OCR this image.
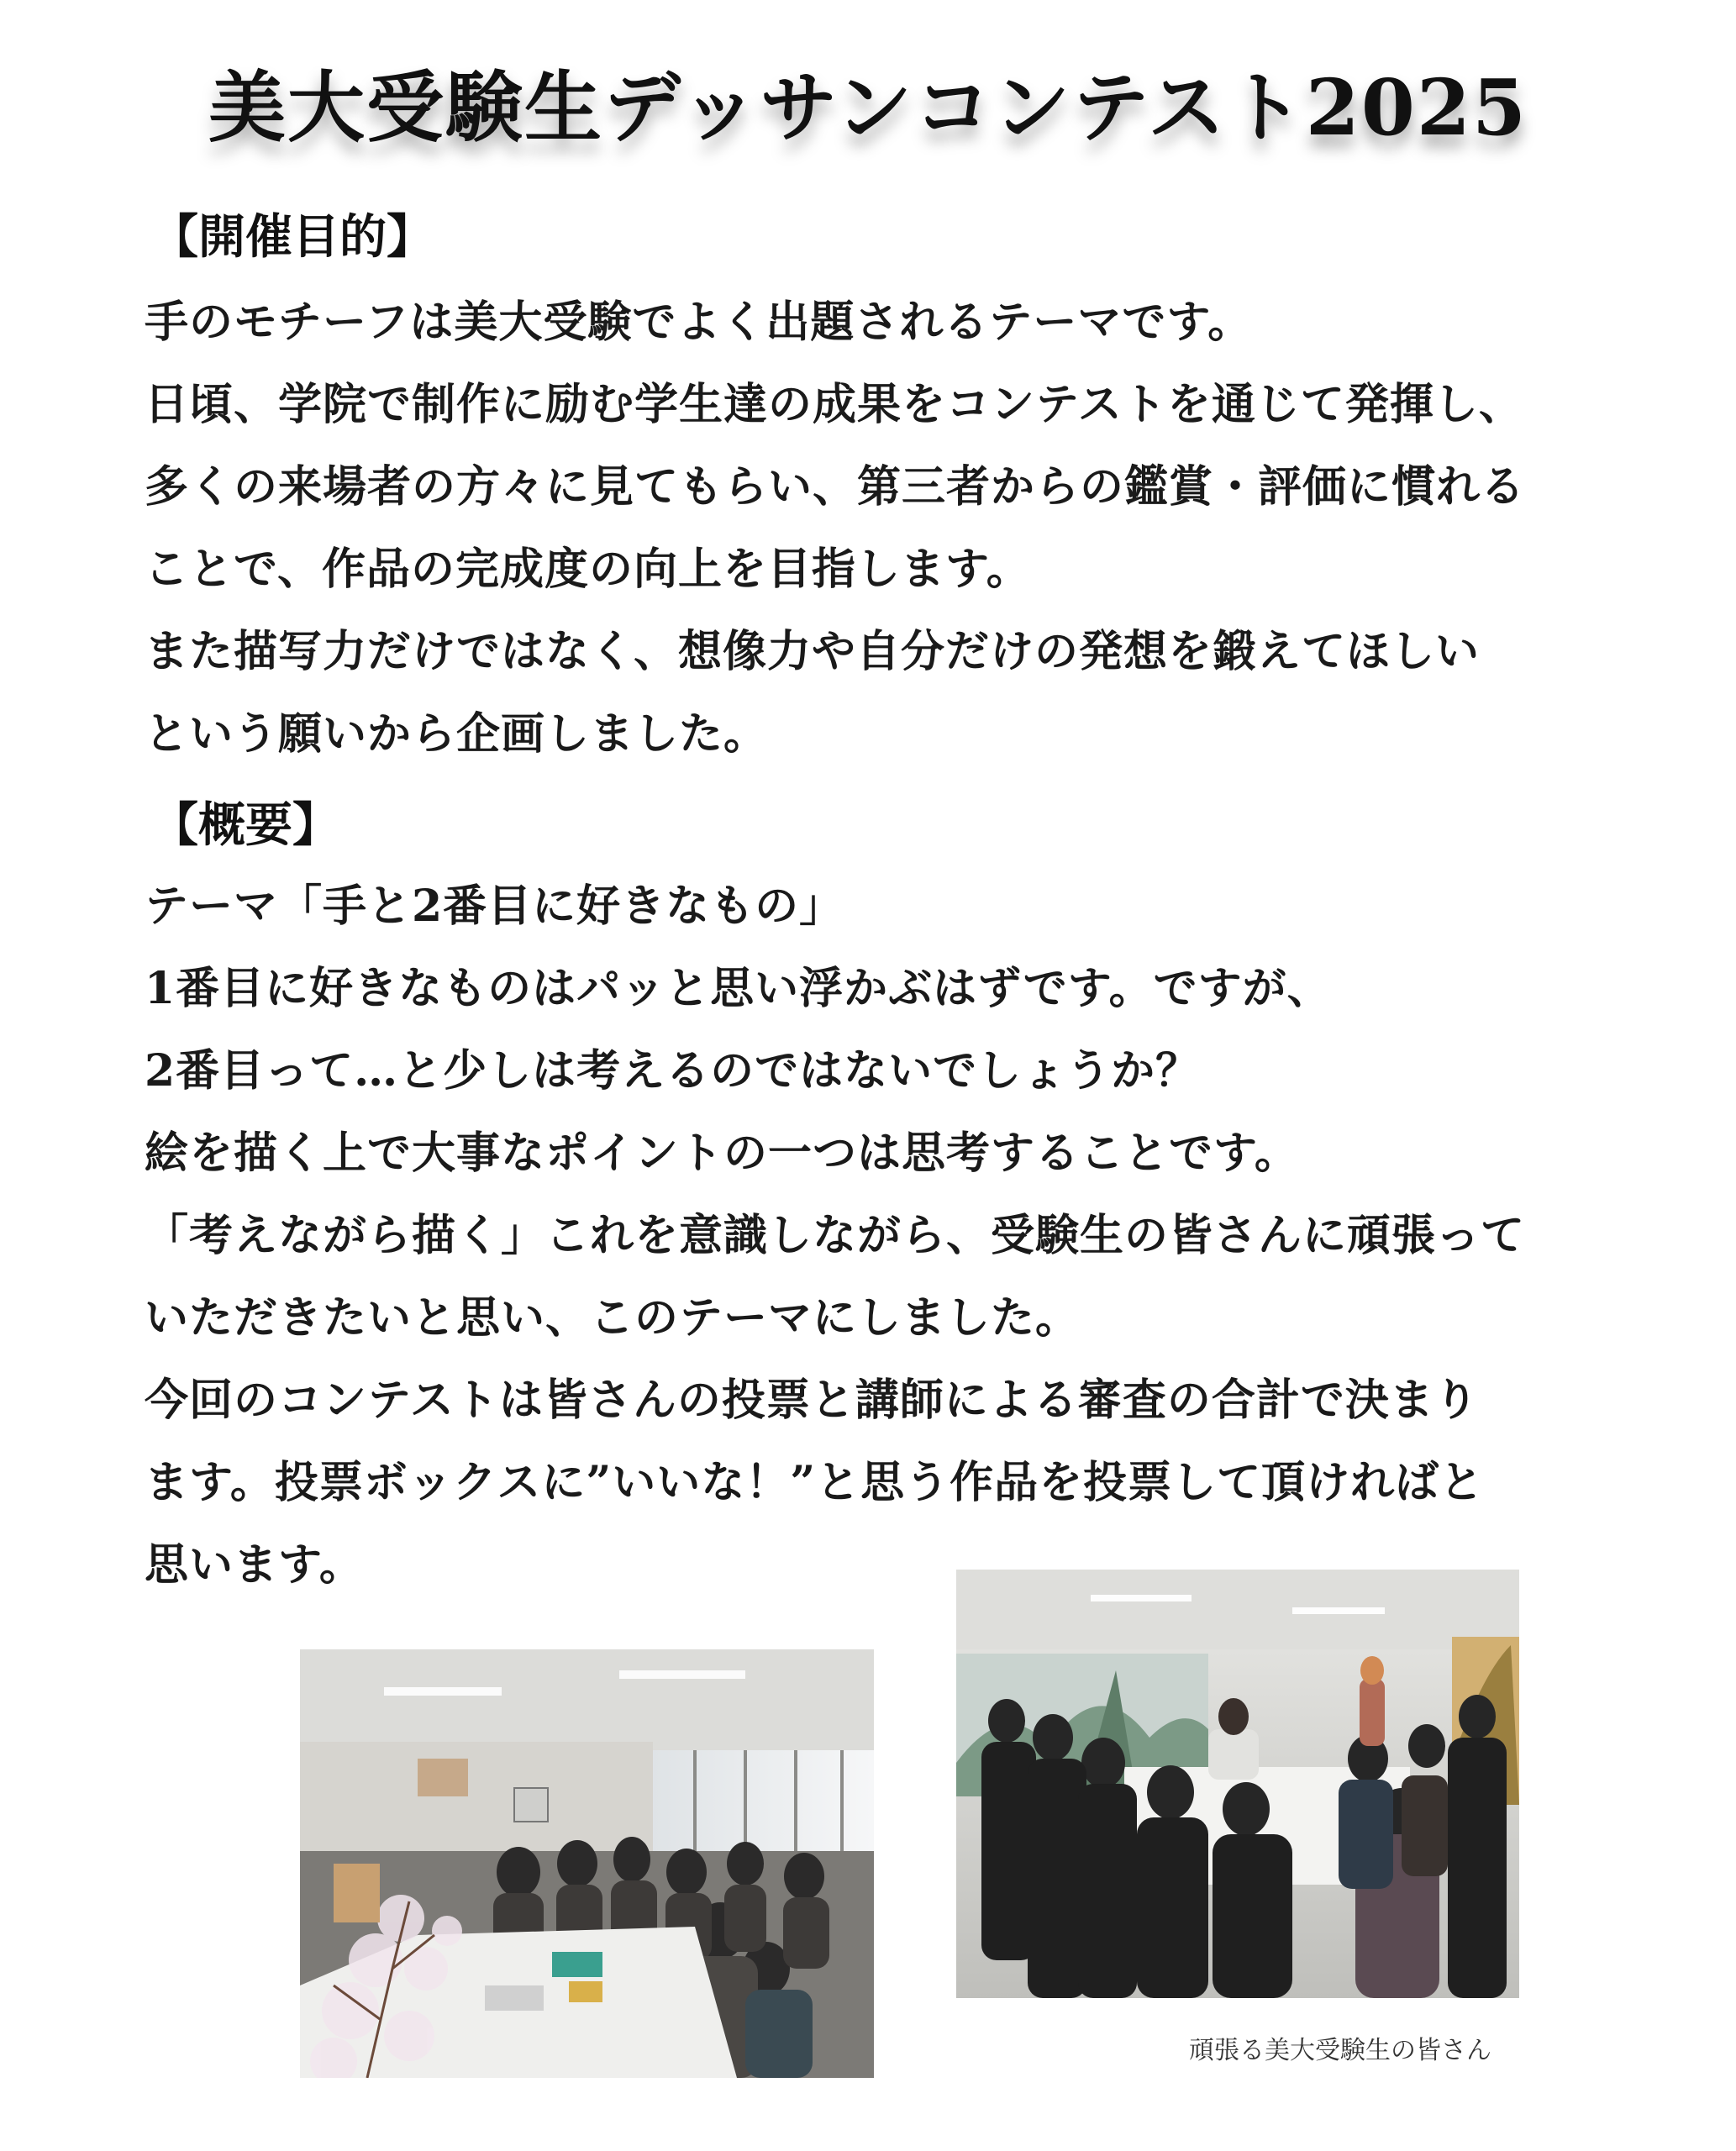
美大受験生デッサンコンテスト2025
【開催目的】
手のモチーフは美大受験でよく出題されるテーマです。
日頃、学院で制作に励む学生達の成果をコンテストを通じて発揮し、
多くの来場者の方々に見てもらい、第三者からの鑑賞・評価に慣れる
ことで、作品の完成度の向上を目指します。
また描写力だけではなく、想像力や自分だけの発想を鍛えてほしい
という願いから企画しました。
【概要】
テーマ「手と2番目に好きなもの」
1番目に好きなものはパッと思い浮かぶはずです。ですが、
2番目って…と少しは考えるのではないでしょうか？
絵を描く上で大事なポイントの一つは思考することです。
「考えながら描く」これを意識しながら、受験生の皆さんに頑張って
いただきたいと思い、このテーマにしました。
今回のコンテストは皆さんの投票と講師による審査の合計で決まり
ます。投票ボックスに”いいな！”と思う作品を投票して頂ければと
思います。
頑張る美大受験生の皆さん
